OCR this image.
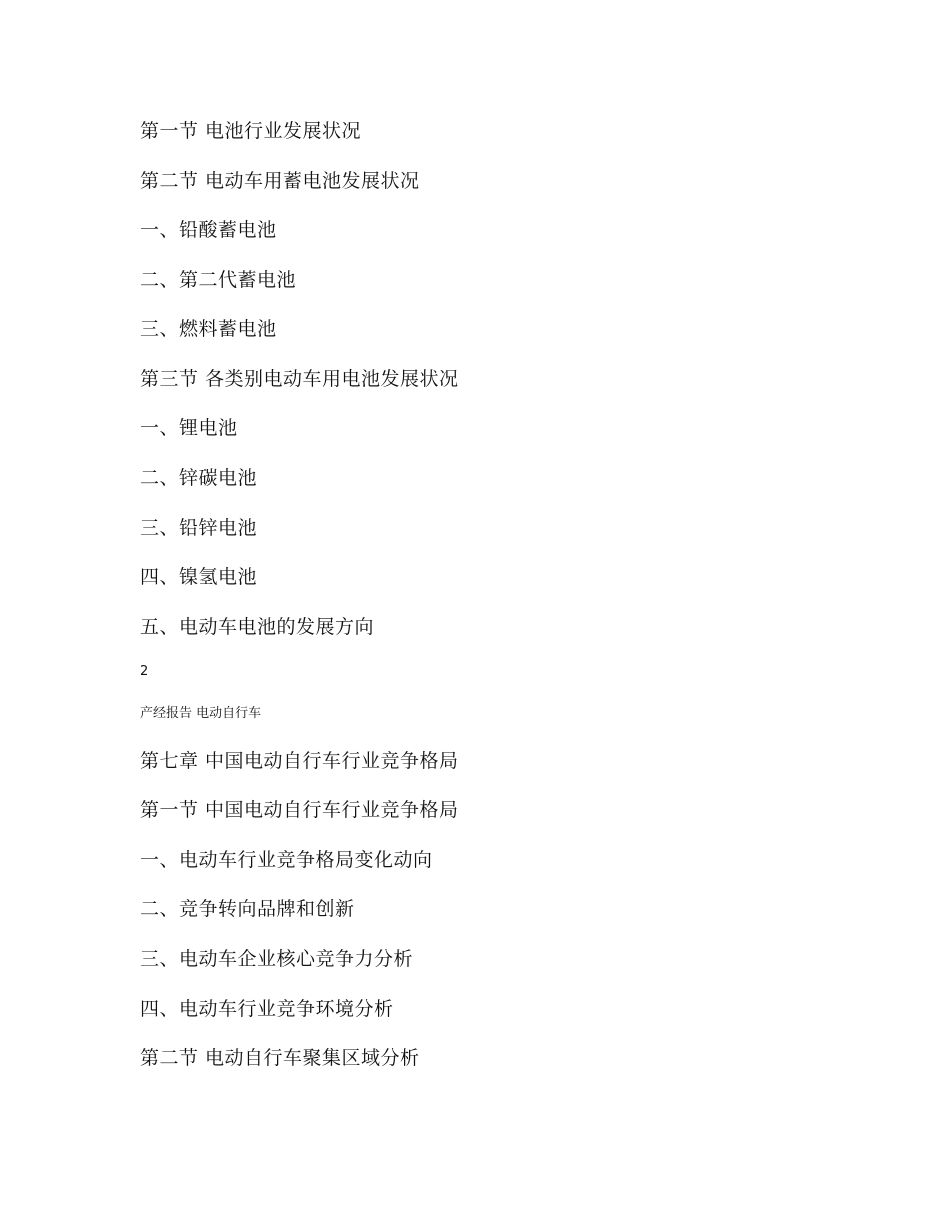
第一节 电池行业发展状况
第二节 电动车用蓄电池发展状况
一、铅酸蓄电池
二、第二代蓄电池
三、燃料蓄电池
第三节 各类别电动车用电池发展状况
一、锂电池
二、锌碳电池
三、铅锌电池
四、镍氢电池
五、电动车电池的发展方向
2
产经报告 电动自行车
第七章 中国电动自行车行业竞争格局
第一节 中国电动自行车行业竞争格局
一、电动车行业竞争格局变化动向
二、竞争转向品牌和创新
三、电动车企业核心竞争力分析
四、电动车行业竞争环境分析
第二节 电动自行车聚集区域分析
